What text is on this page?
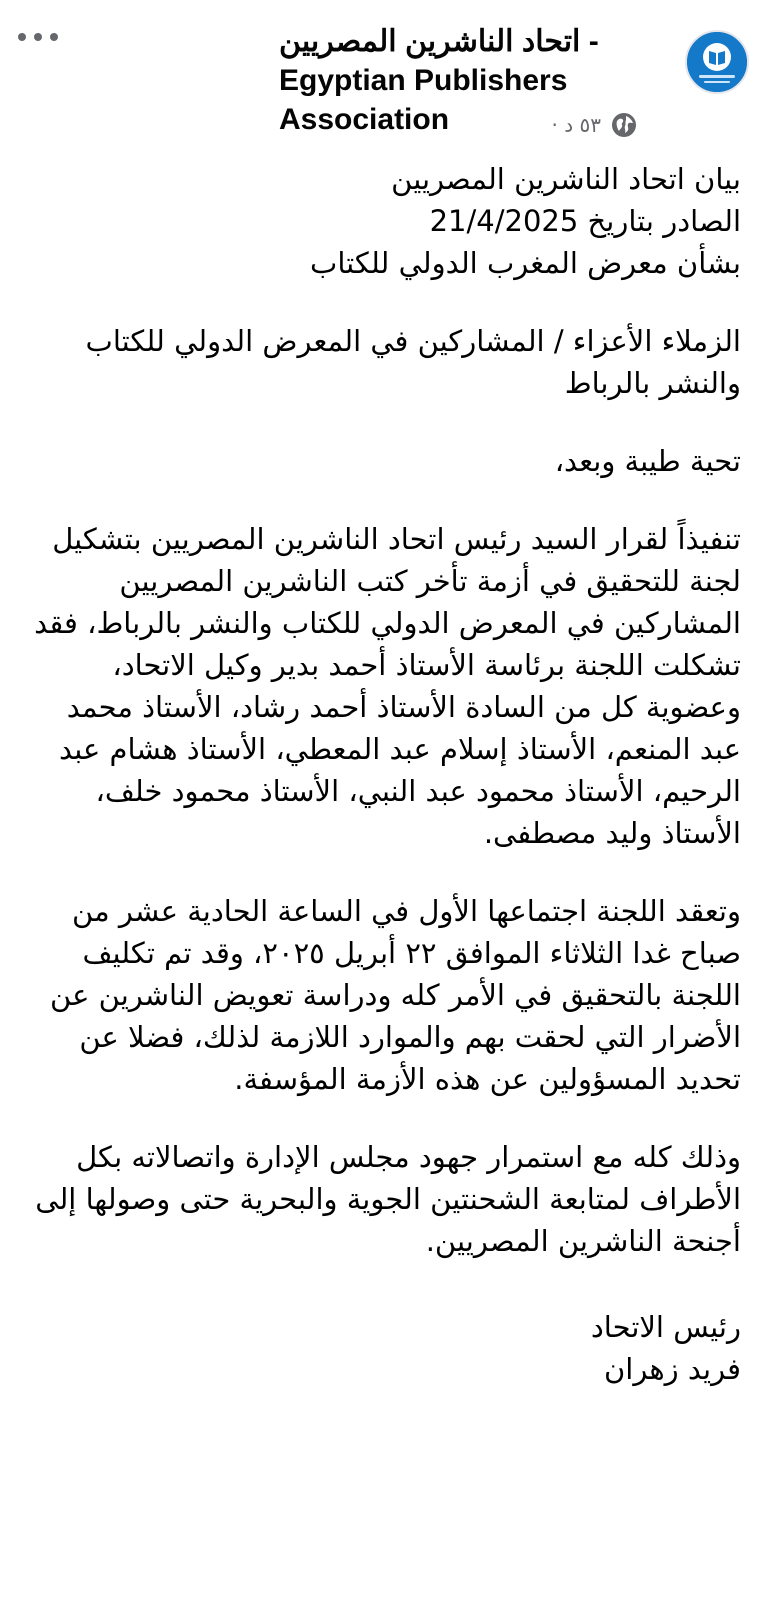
اتحاد الناشرين المصريين - Egyptian Publishers Association	٥٣ د ·

بيان اتحاد الناشرين المصريين
الصادر بتاريخ 21/4/2025
بشأن معرض المغرب الدولي للكتاب

الزملاء الأعزاء / المشاركين في المعرض الدولي للكتاب
والنشر بالرباط

تحية طيبة وبعد،

تنفيذاً لقرار السيد رئيس اتحاد الناشرين المصريين بتشكيل لجنة للتحقيق في أزمة تأخر كتب الناشرين المصريين المشاركين في المعرض الدولي للكتاب والنشر بالرباط، فقد تشكلت اللجنة برئاسة الأستاذ أحمد بدير وكيل الاتحاد، وعضوية كل من السادة الأستاذ أحمد رشاد، الأستاذ محمد عبد المنعم، الأستاذ إسلام عبد المعطي، الأستاذ هشام عبد الرحيم، الأستاذ محمود عبد النبي، الأستاذ محمود خلف، الأستاذ وليد مصطفى.

وتعقد اللجنة اجتماعها الأول في الساعة الحادية عشر من صباح غدا الثلاثاء الموافق ٢٢ أبريل ٢٠٢٥، وقد تم تكليف اللجنة بالتحقيق في الأمر كله ودراسة تعويض الناشرين عن الأضرار التي لحقت بهم والموارد اللازمة لذلك، فضلا عن تحديد المسؤولين عن هذه الأزمة المؤسفة.

وذلك كله مع استمرار جهود مجلس الإدارة واتصالاته بكل الأطراف لمتابعة الشحنتين الجوية والبحرية حتى وصولها إلى أجنحة الناشرين المصريين.

رئيس الاتحاد

فريد زهران
